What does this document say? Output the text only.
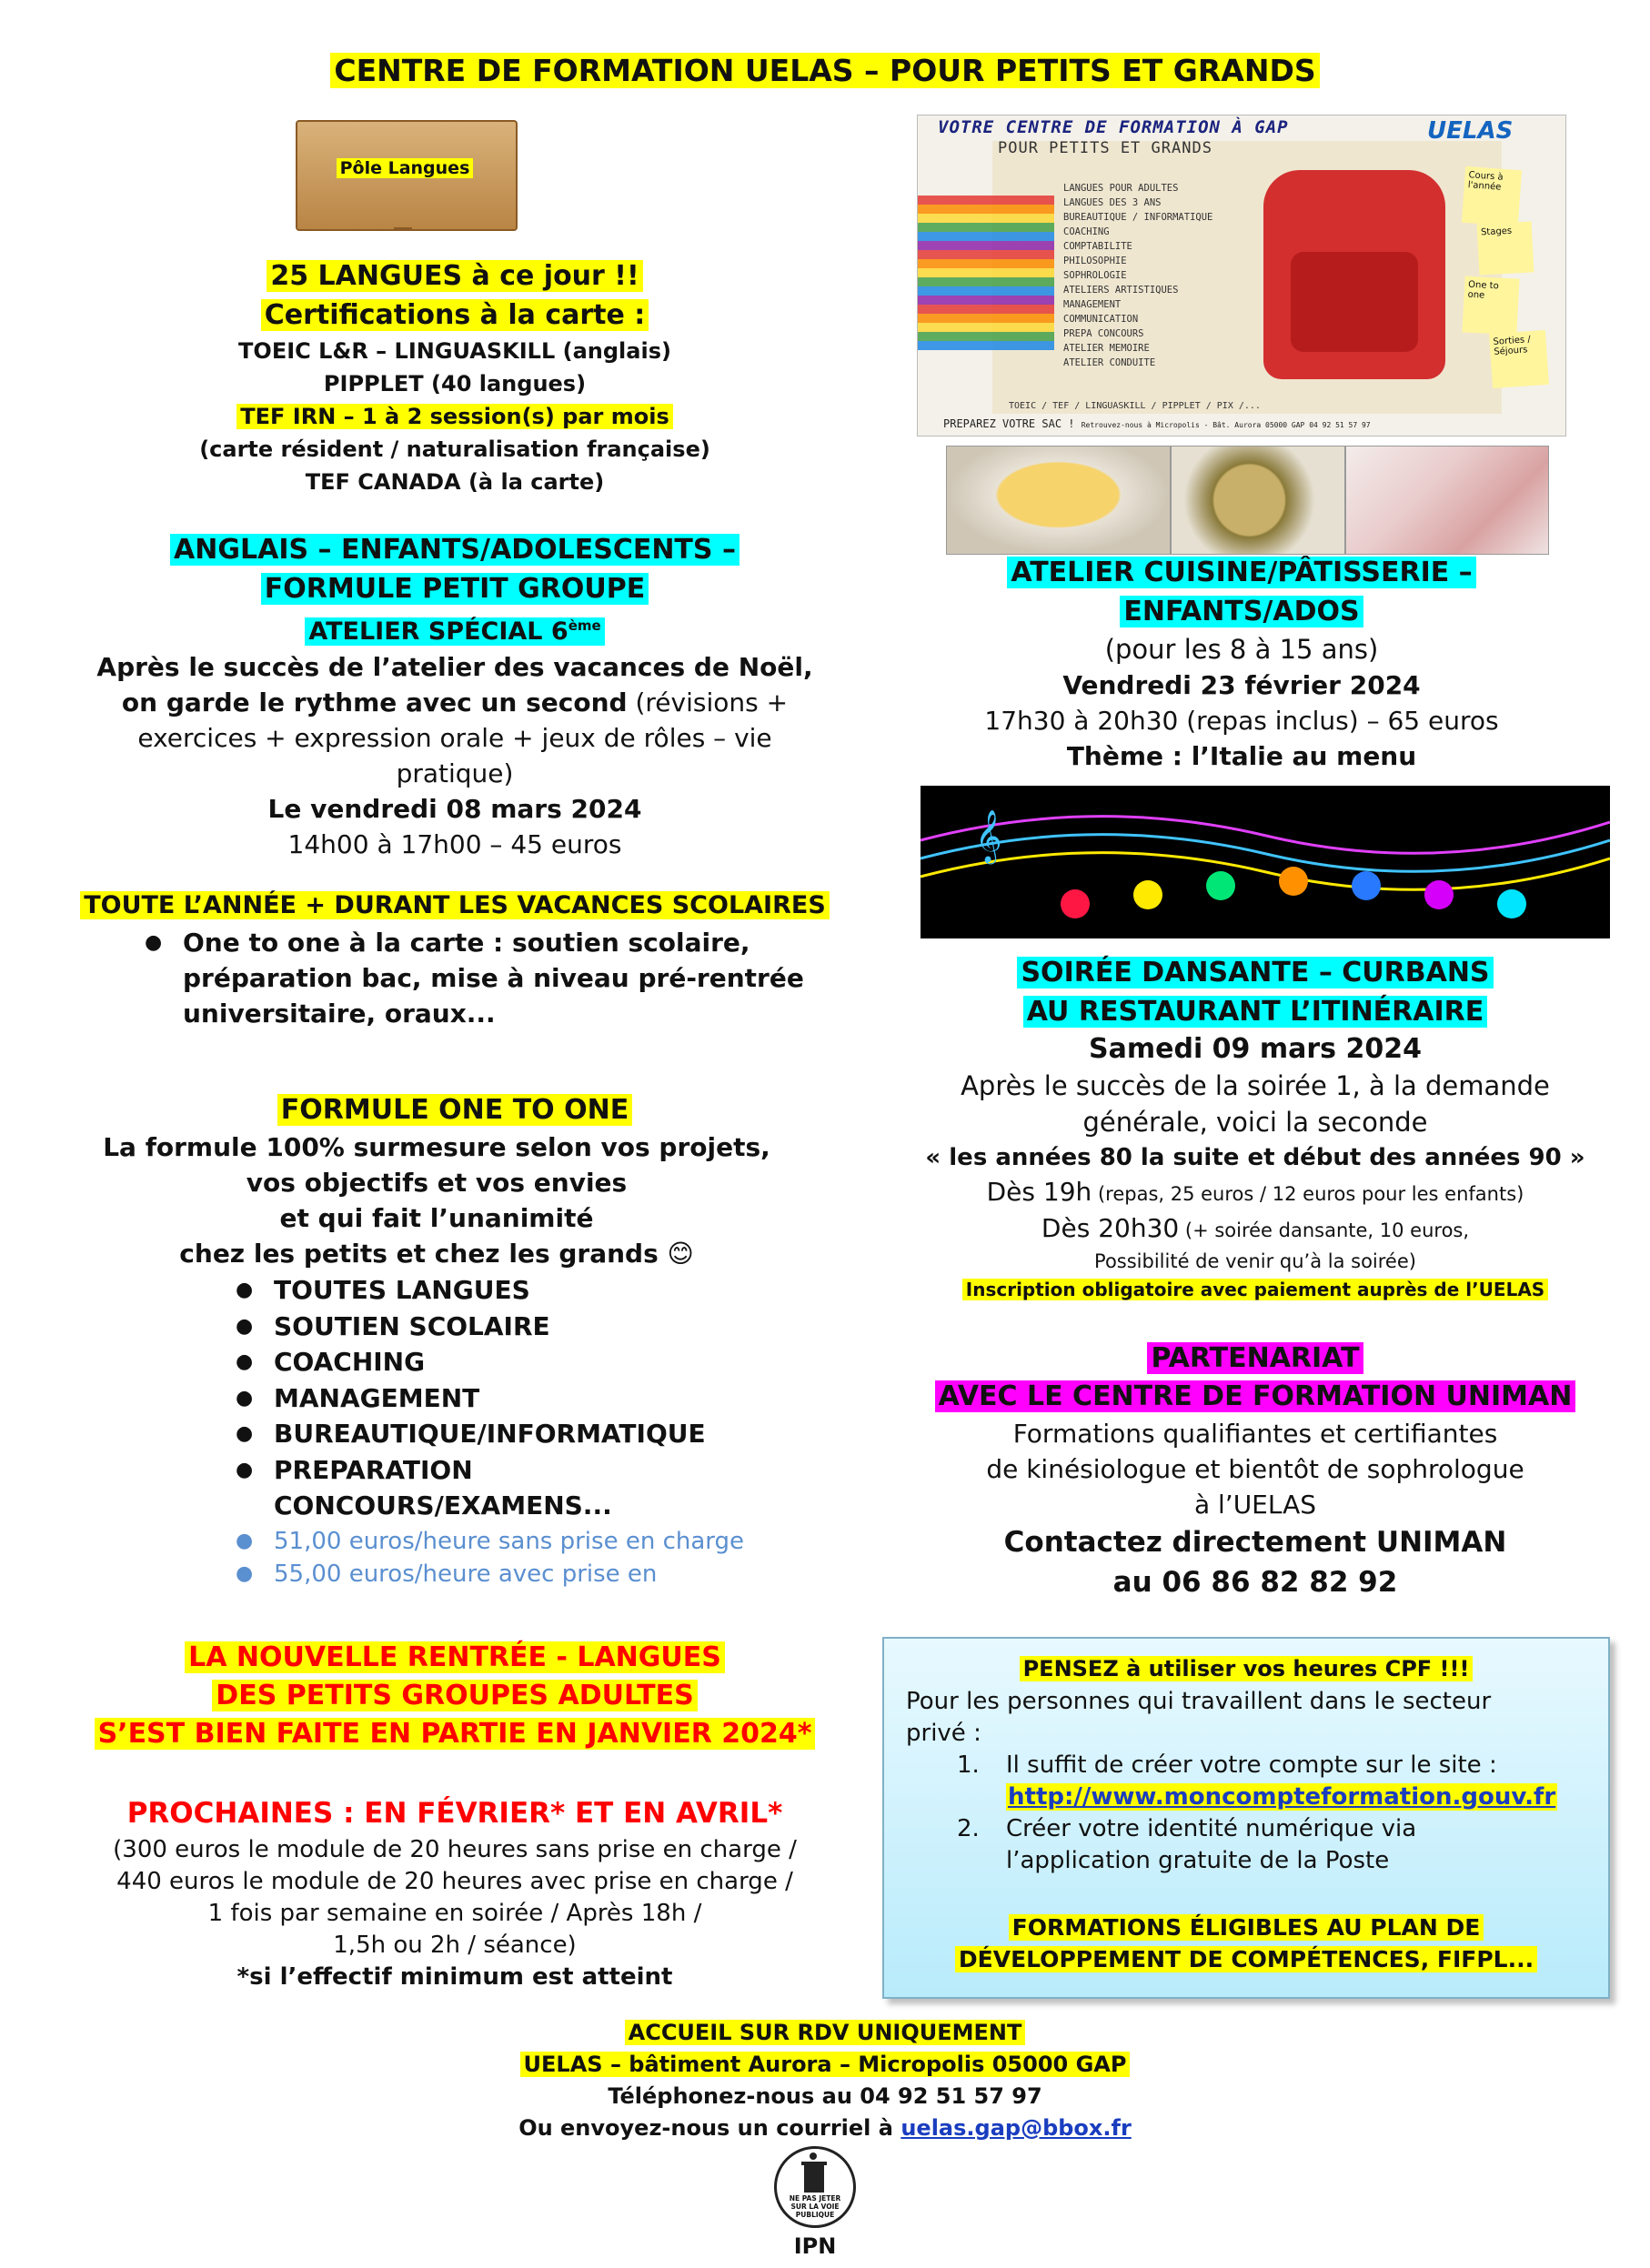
CENTRE DE FORMATION UELAS – POUR PETITS ET GRANDS
Pôle Langues
25 LANGUES à ce jour !!
Certifications à la carte :
TOEIC L&R – LINGUASKILL (anglais)
PIPPLET (40 langues)
TEF IRN – 1 à 2 session(s) par mois
(carte résident / naturalisation française)
TEF CANADA (à la carte)
ANGLAIS – ENFANTS/ADOLESCENTS –
FORMULE PETIT GROUPE
ATELIER SPÉCIAL 6ème
Après le succès de l’atelier des vacances de Noël, on garde le rythme avec un second (révisions + exercices + expression orale + jeux de rôles – vie pratique)
Le vendredi 08 mars 2024
14h00 à 17h00 – 45 euros
TOUTE L’ANNÉE + DURANT LES VACANCES SCOLAIRES
● One to one à la carte : soutien scolaire, préparation bac, mise à niveau pré-rentrée universitaire, oraux...
FORMULE ONE TO ONE
La formule 100% surmesure selon vos projets,
vos objectifs et vos envies
et qui fait l’unanimité
chez les petits et chez les grands 😊
● TOUTES LANGUES
● SOUTIEN SCOLAIRE
● COACHING
● MANAGEMENT
● BUREAUTIQUE/INFORMATIQUE
● PREPARATION CONCOURS/EXAMENS...
● 51,00 euros/heure sans prise en charge
● 55,00 euros/heure avec prise en
LA NOUVELLE RENTRÉE - LANGUES
DES PETITS GROUPES ADULTES
S’EST BIEN FAITE EN PARTIE EN JANVIER 2024*
PROCHAINES : EN FÉVRIER* ET EN AVRIL*
(300 euros le module de 20 heures sans prise en charge /
440 euros le module de 20 heures avec prise en charge /
1 fois par semaine en soirée / Après 18h /
1,5h ou 2h / séance)
*si l’effectif minimum est atteint
Cours à l'année
Stages
One to one
Sorties / Séjours
VOTRE CENTRE DE FORMATION À GAP
POUR PETITS ET GRANDS
UELAS
LANGUES POUR ADULTES
LANGUES DES 3 ANS
BUREAUTIQUE / INFORMATIQUE
COACHING
COMPTABILITE
PHILOSOPHIE
SOPHROLOGIE
ATELIERS ARTISTIQUES
MANAGEMENT
COMMUNICATION
PREPA CONCOURS
ATELIER MEMOIRE
ATELIER CONDUITE
TOEIC / TEF / LINGUASKILL / PIPPLET / PIX /...
PREPAREZ VOTRE SAC ! Retrouvez-nous à Micropolis - Bât. Aurora 05000 GAP 04 92 51 57 97
ATELIER CUISINE/PÂTISSERIE –
ENFANTS/ADOS
(pour les 8 à 15 ans)
Vendredi 23 février 2024
17h30 à 20h30 (repas inclus) – 65 euros
Thème : l’Italie au menu
𝄞
SOIRÉE DANSANTE – CURBANS
AU RESTAURANT L’ITINÉRAIRE
Samedi 09 mars 2024
Après le succès de la soirée 1, à la demande
générale, voici la seconde
« les années 80 la suite et début des années 90 »
Dès 19h (repas, 25 euros / 12 euros pour les enfants)
Dès 20h30 (+ soirée dansante, 10 euros,
Possibilité de venir qu’à la soirée)
Inscription obligatoire avec paiement auprès de l’UELAS
PARTENARIAT
AVEC LE CENTRE DE FORMATION UNIMAN
Formations qualifiantes et certifiantes
de kinésiologue et bientôt de sophrologue
à l’UELAS
Contactez directement UNIMAN
au 06 86 82 82 92
PENSEZ à utiliser vos heures CPF !!!
Pour les personnes qui travaillent dans le secteur privé :
1. Il suffit de créer votre compte sur le site :
http://www.moncompteformation.gouv.fr
2. Créer votre identité numérique via l’application gratuite de la Poste
FORMATIONS ÉLIGIBLES AU PLAN DE
DÉVELOPPEMENT DE COMPÉTENCES, FIFPL...
ACCUEIL SUR RDV UNIQUEMENT
UELAS – bâtiment Aurora – Micropolis 05000 GAP
Téléphonez-nous au 04 92 51 57 97
Ou envoyez-nous un courriel à uelas.gap@bbox.fr
NE PAS JETER SUR LA VOIE PUBLIQUE
IPN
